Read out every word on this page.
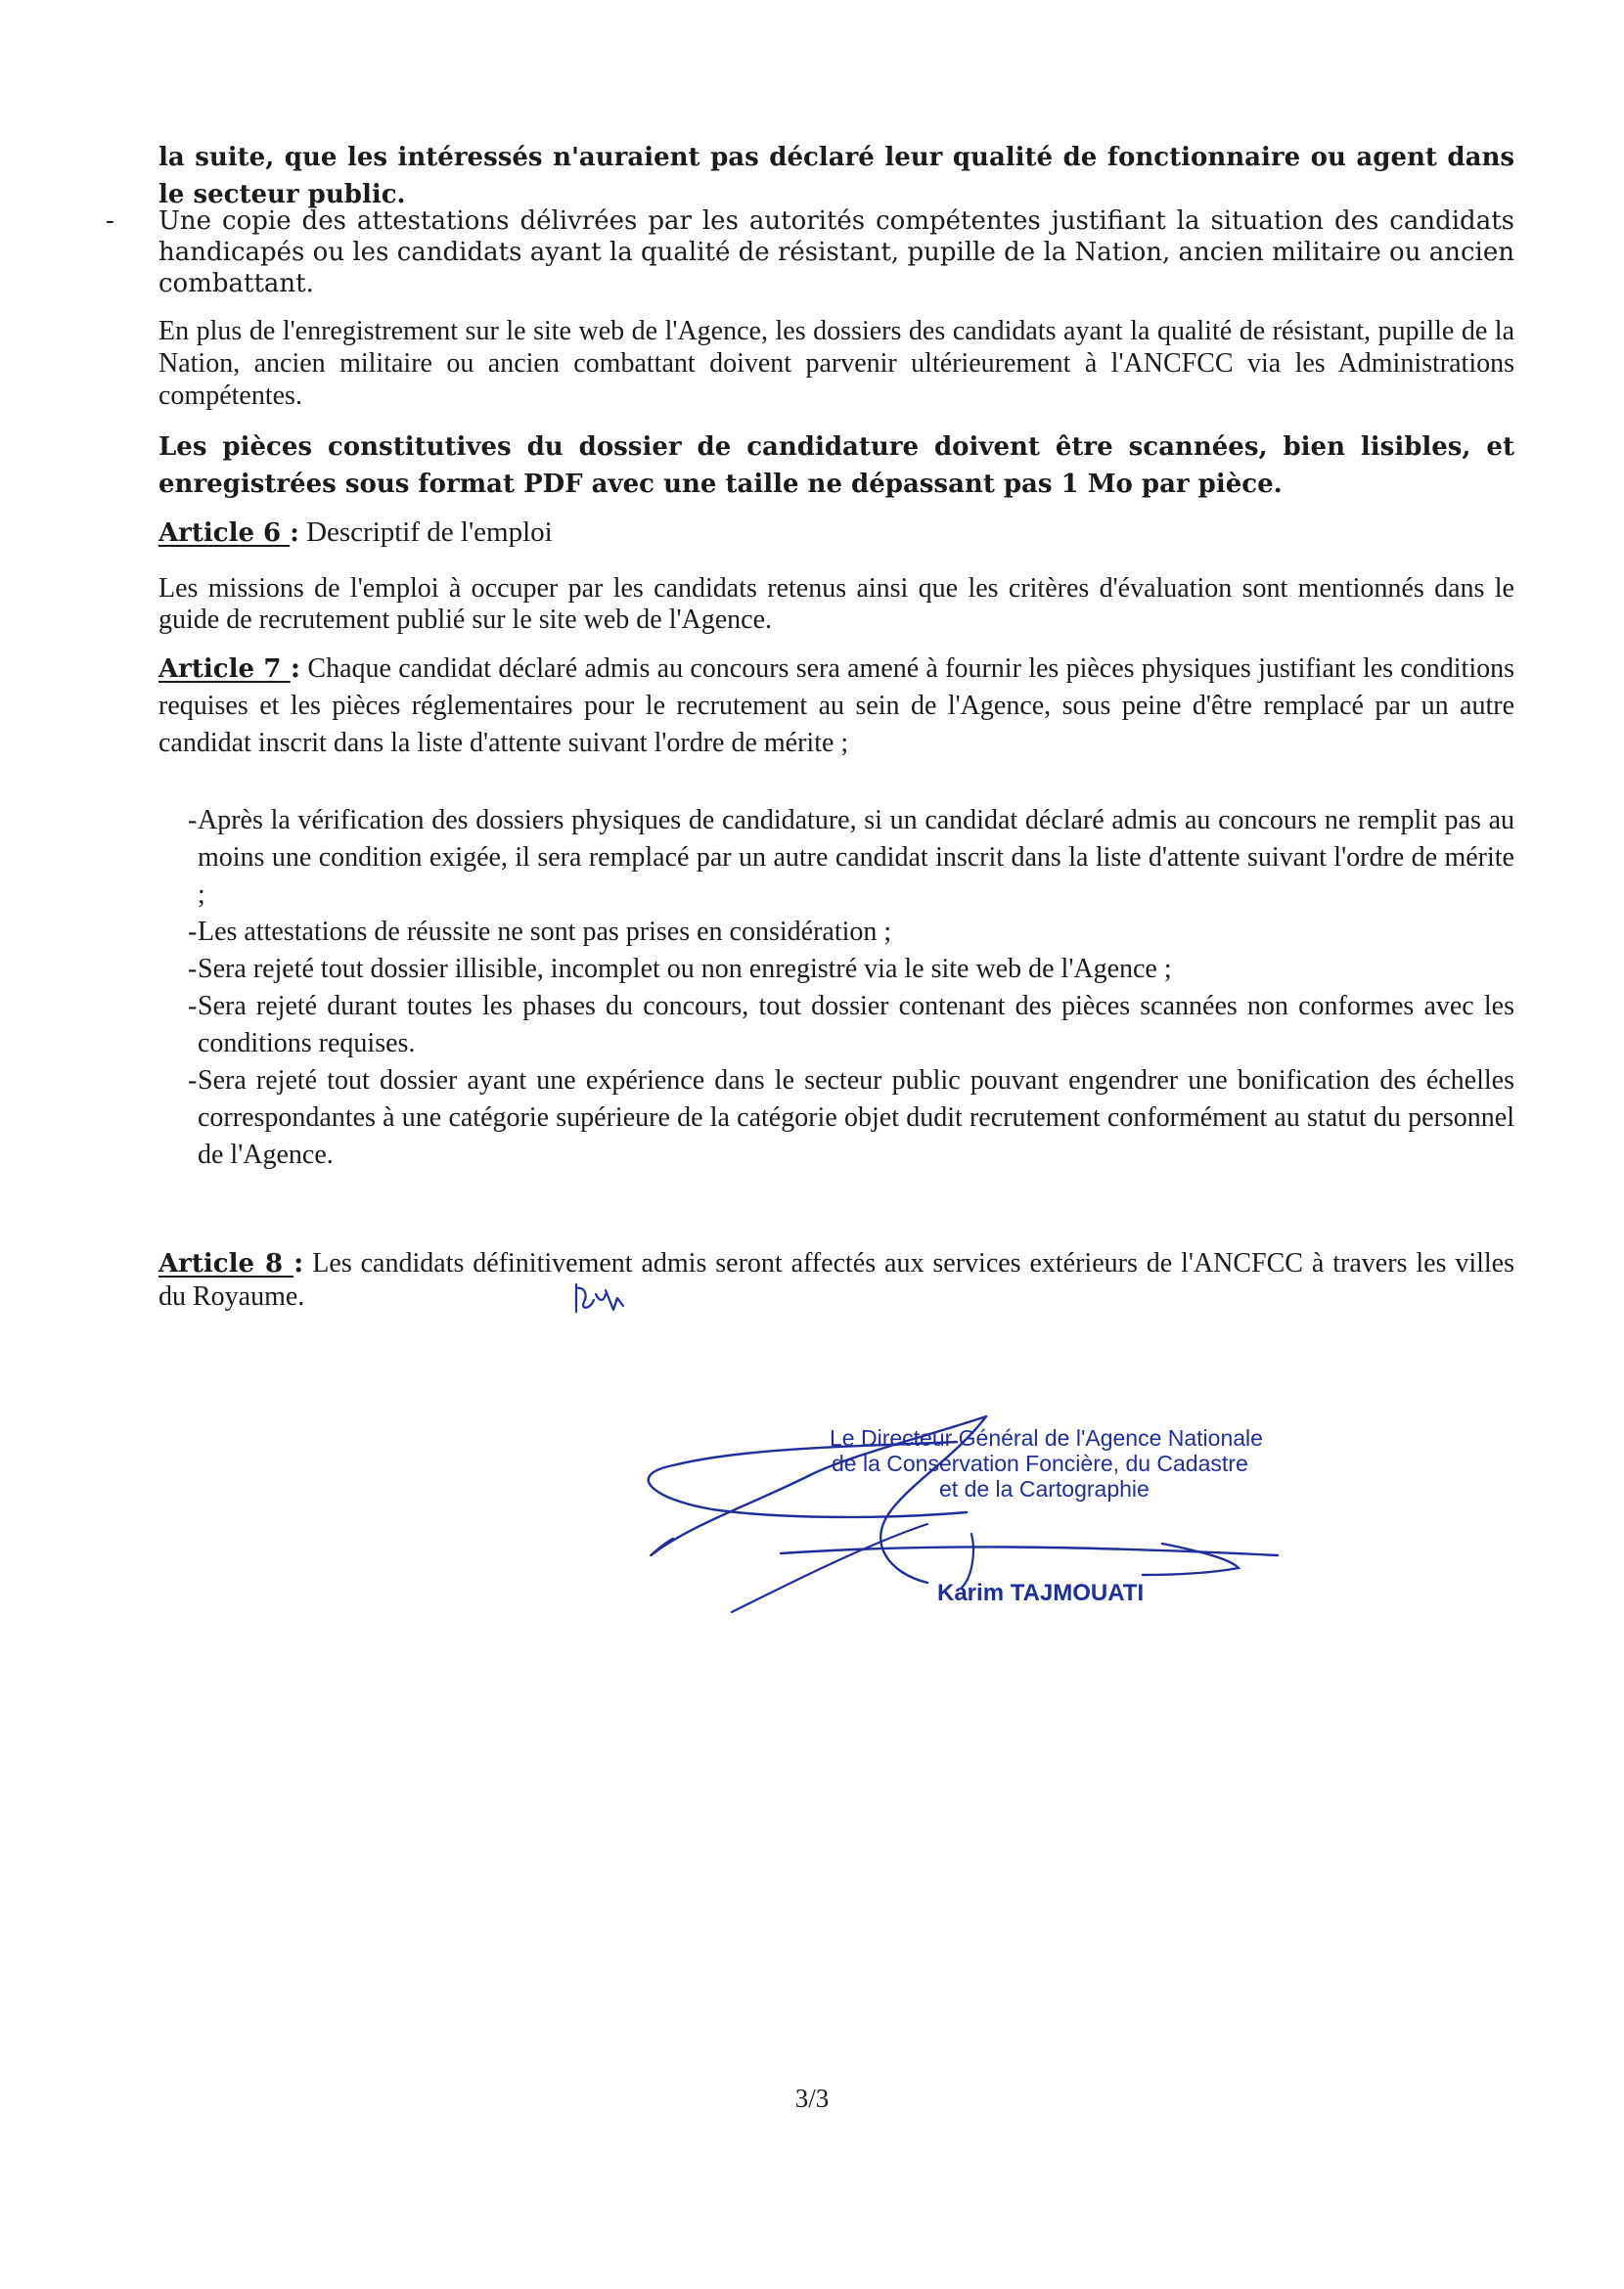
la suite, que les intéressés n'auraient pas déclaré leur qualité de fonctionnaire ou agent dans le secteur public.

- Une copie des attestations délivrées par les autorités compétentes justifiant la situation des candidats handicapés ou les candidats ayant la qualité de résistant, pupille de la Nation, ancien militaire ou ancien combattant.

En plus de l'enregistrement sur le site web de l'Agence, les dossiers des candidats ayant la qualité de résistant, pupille de la Nation, ancien militaire ou ancien combattant doivent parvenir ultérieurement à l'ANCFCC via les Administrations compétentes.

Les pièces constitutives du dossier de candidature doivent être scannées, bien lisibles, et enregistrées sous format PDF avec une taille ne dépassant pas 1 Mo par pièce.

Article 6 : Descriptif de l'emploi

Les missions de l'emploi à occuper par les candidats retenus ainsi que les critères d'évaluation sont mentionnés dans le guide de recrutement publié sur le site web de l'Agence.

Article 7 : Chaque candidat déclaré admis au concours sera amené à fournir les pièces physiques justifiant les conditions requises et les pièces réglementaires pour le recrutement au sein de l'Agence, sous peine d'être remplacé par un autre candidat inscrit dans la liste d'attente suivant l'ordre de mérite ;

- Après la vérification des dossiers physiques de candidature, si un candidat déclaré admis au concours ne remplit pas au moins une condition exigée, il sera remplacé par un autre candidat inscrit dans la liste d'attente suivant l'ordre de mérite ;

- Les attestations de réussite ne sont pas prises en considération ;

- Sera rejeté tout dossier illisible, incomplet ou non enregistré via le site web de l'Agence ;

- Sera rejeté durant toutes les phases du concours, tout dossier contenant des pièces scannées non conformes avec les conditions requises.

- Sera rejeté tout dossier ayant une expérience dans le secteur public pouvant engendrer une bonification des échelles correspondantes à une catégorie supérieure de la catégorie objet dudit recrutement conformément au statut du personnel de l'Agence.

Article 8 : Les candidats définitivement admis seront affectés aux services extérieurs de l'ANCFCC à travers les villes du Royaume.

Le Directeur Général de l'Agence Nationale
de la Conservation Foncière, du Cadastre
et de la Cartographie
Karim TAJMOUATI
3/3
